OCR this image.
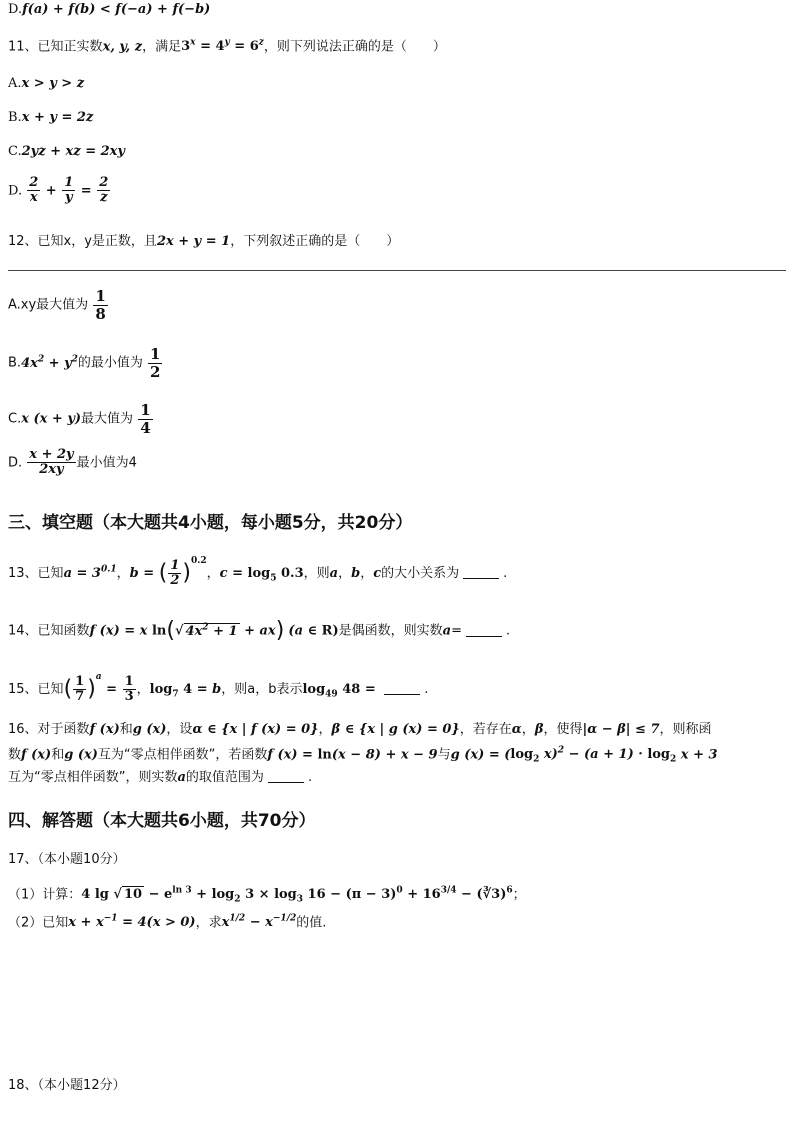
D.f(a) + f(b) < f(−a) + f(−b)
11、已知正实数x, y, z，满足$3^x = 4^y = 6^z$，则下列说法正确的是（　　）
A.x > y > z
B.x + y = 2z
C.2yz + xz = 2xy
D. $\frac{2}{x} + \frac{1}{y} = \frac{2}{z}$
12、已知x，y是正数，且2x + y = 1，下列叙述正确的是（　　）
A.xy最大值为 $\frac{1}{8}$
$B.4x^2 + y^2$的最小值为 $\frac{1}{2}$
C.x (x + y)最大值为 $\frac{1}{4}$
D. $\frac{x + 2y}{2xy}$ 最小值为4
三、填空题（本大题共4小题，每小题5分，共20分）
13、已知$a = 3^{0.1}$，b = ( $\frac{1}{2} )^{0.2}$，$c = \log_5 0.3$，则a，b，c的大小关系为	.
14、已知函数f (x) = x ln(√ $4x^2 + 1 + ax$) (a ∈ R)是偶函数，则实数a=	.
15、已知( $\frac{1}{7} )^a = \frac{1}{3}$ ，$\log_7 4 = b$，则a，b表示$\log_{49} 48$ =	.
16、对于函数f (x)和g (x)，设α ∈ {x | f (x) = 0}，β ∈ {x | g (x) = 0}，若存在α，β，使得|α − β| ≤ 7，则称函
数f (x)和g (x)互为“零点相伴函数”，若函数f (x) = ln(x − 8) + x − 9与g $(x) = (\log_2$ $x)^2 - (a + 1) \cdot \log_2 x + 3$
互为“零点相伴函数”，则实数a的取值范围为	.
四、解答题（本大题共6小题，共70分）
17、（本小题10分）
（1）计算：4 lg √ $10 - e^{ln 3} + \log_2 3 \times \log_3 16 - (\pi - 3)^0 + 16^{3/4}$ − (∛3)$^6$；
（2）已知$x + x^{-1} = 4(x > 0)$，求$x^{1/2} - x^{-1/2}$的值.
18、（本小题12分）
